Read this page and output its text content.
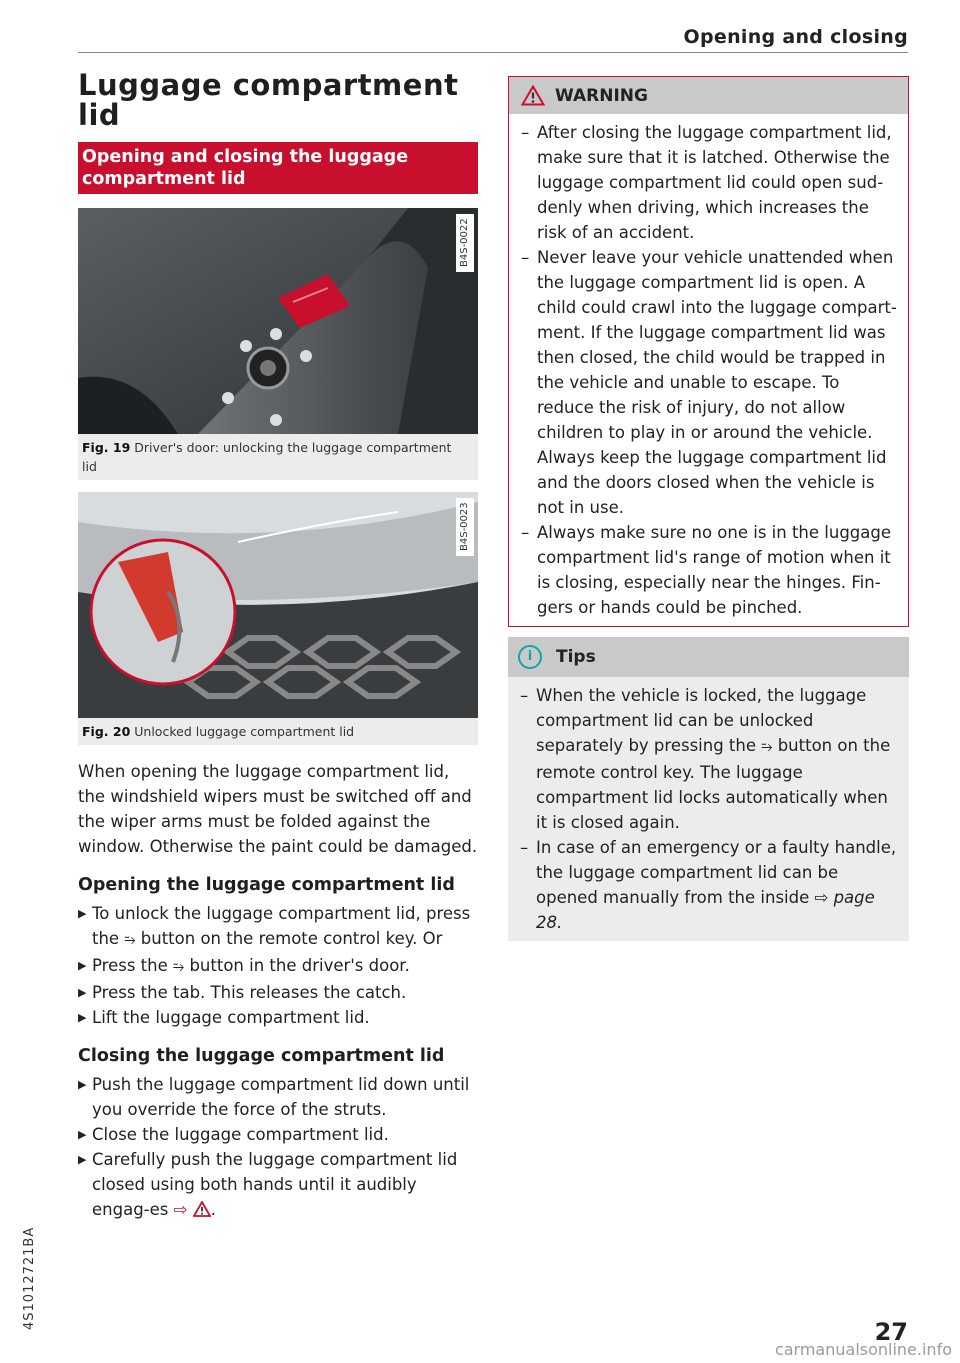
Opening and closing
4S1012721BA
Luggage compartment
lid
Opening and closing the luggage
compartment lid
B4S-0022
Fig. 19 Driver's door: unlocking the luggage compartment lid
B4S-0023
Fig. 20 Unlocked luggage compartment lid

When opening the luggage compartment lid, the windshield wipers must be switched off and the wiper arms must be folded against the window. Otherwise the paint could be damaged.

Opening the luggage compartment lid
▶ To unlock the luggage compartment lid, press the ⥲ button on the remote control key. Or
▶ Press the ⥲ button in the driver's door.
▶ Press the tab. This releases the catch.
▶ Lift the luggage compartment lid.
Closing the luggage compartment lid
▶ Push the luggage compartment lid down until you override the force of the struts.
▶ Close the luggage compartment lid.
▶ Carefully push the luggage compartment lid closed using both hands until it audibly engag-es ⇨ .
WARNING
– After closing the luggage compartment lid, make sure that it is latched. Otherwise the luggage compartment lid could open sud-denly when driving, which increases the risk of an accident.
– Never leave your vehicle unattended when the luggage compartment lid is open. A child could crawl into the luggage compart-ment. If the luggage compartment lid was then closed, the child would be trapped in the vehicle and unable to escape. To reduce the risk of injury, do not allow children to play in or around the vehicle. Always keep the luggage compartment lid and the doors closed when the vehicle is not in use.
– Always make sure no one is in the luggage compartment lid's range of motion when it is closing, especially near the hinges. Fin-gers or hands could be pinched.
i	Tips
– When the vehicle is locked, the luggage compartment lid can be unlocked separately by pressing the ⥲ button on the remote control key. The luggage compartment lid locks automatically when it is closed again.
– In case of an emergency or a faulty handle, the luggage compartment lid can be opened manually from the inside ⇨ page 28.
27
carmanualsonline.info
